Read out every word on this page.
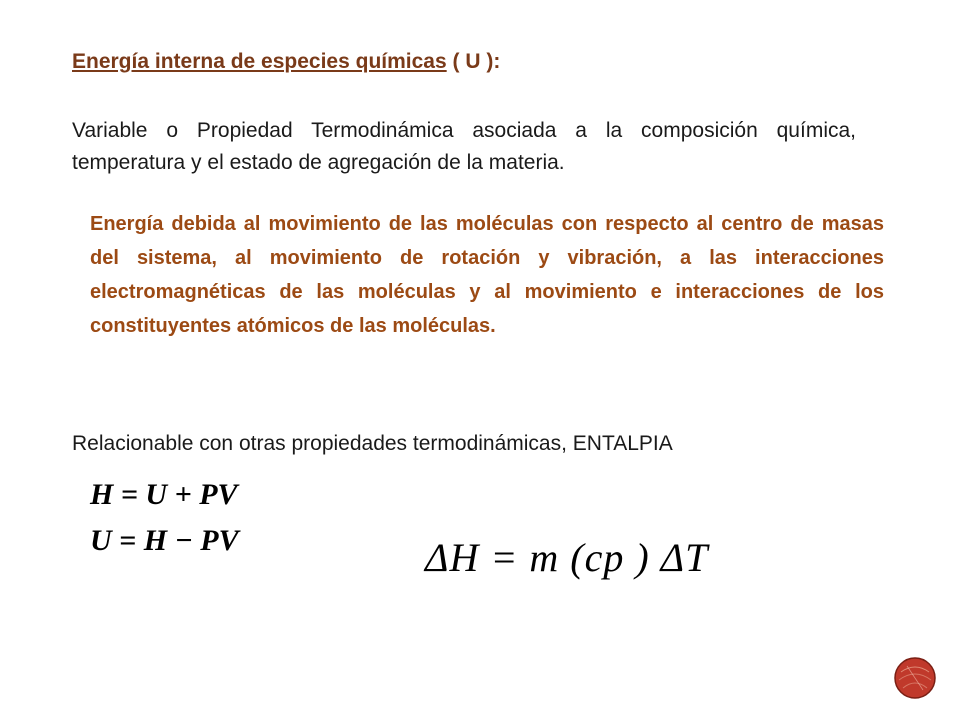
Energía interna de especies químicas ( U ):
Variable o Propiedad Termodinámica asociada a la composición química, temperatura y el estado de agregación de la materia.
Energía debida al movimiento de las moléculas con respecto al centro de masas del sistema, al movimiento de rotación y vibración, a las interacciones electromagnéticas de las moléculas y al movimiento e interacciones de los constituyentes atómicos de las moléculas.
Relacionable con otras propiedades termodinámicas, ENTALPIA
H = U + PV
U = H − PV	ΔH = m (cp ) ΔT
